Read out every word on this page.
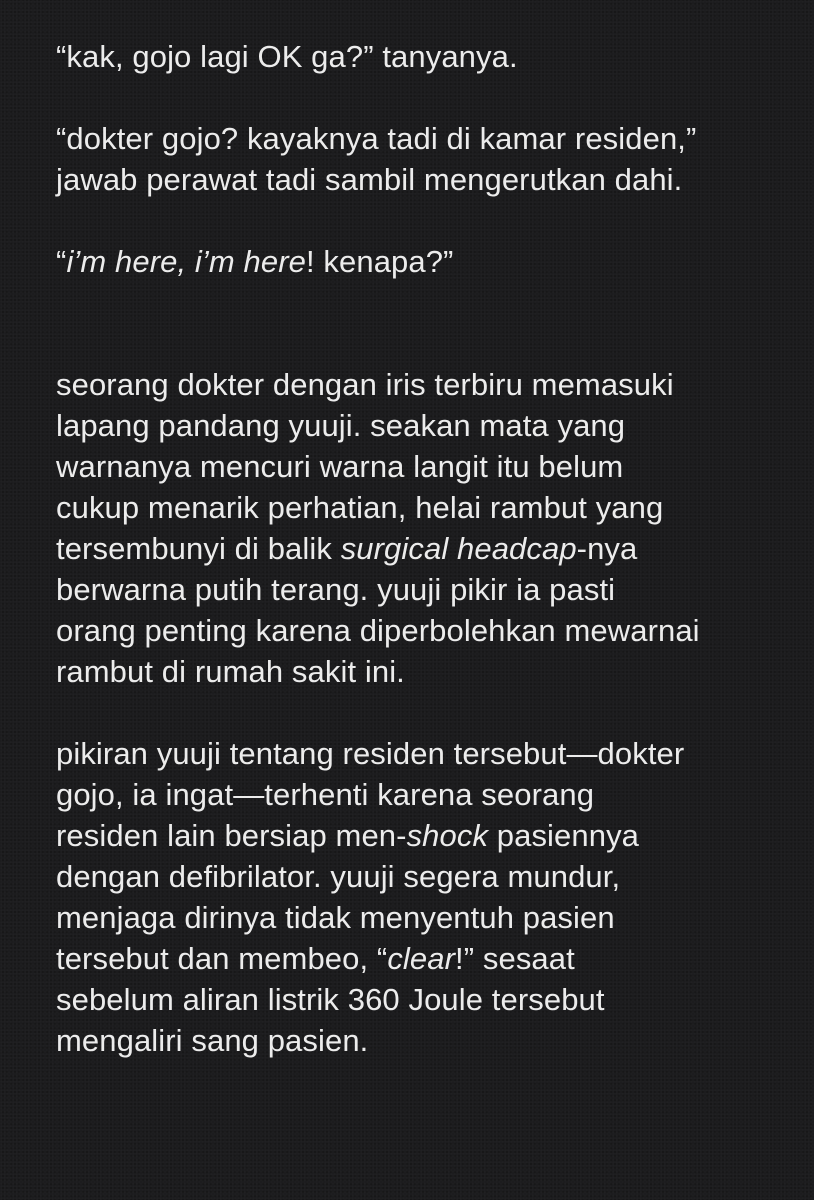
“kak, gojo lagi OK ga?” tanyanya.

“dokter gojo? kayaknya tadi di kamar residen,”
jawab perawat tadi sambil mengerutkan dahi.

“i’m here, i’m here! kenapa?”

seorang dokter dengan iris terbiru memasuki
lapang pandang yuuji. seakan mata yang
warnanya mencuri warna langit itu belum
cukup menarik perhatian, helai rambut yang
tersembunyi di balik surgical headcap-nya
berwarna putih terang. yuuji pikir ia pasti
orang penting karena diperbolehkan mewarnai
rambut di rumah sakit ini.

pikiran yuuji tentang residen tersebut—dokter
gojo, ia ingat—terhenti karena seorang
residen lain bersiap men-shock pasiennya
dengan defibrilator. yuuji segera mundur,
menjaga dirinya tidak menyentuh pasien
tersebut dan membeo, “clear!” sesaat
sebelum aliran listrik 360 Joule tersebut
mengaliri sang pasien.
